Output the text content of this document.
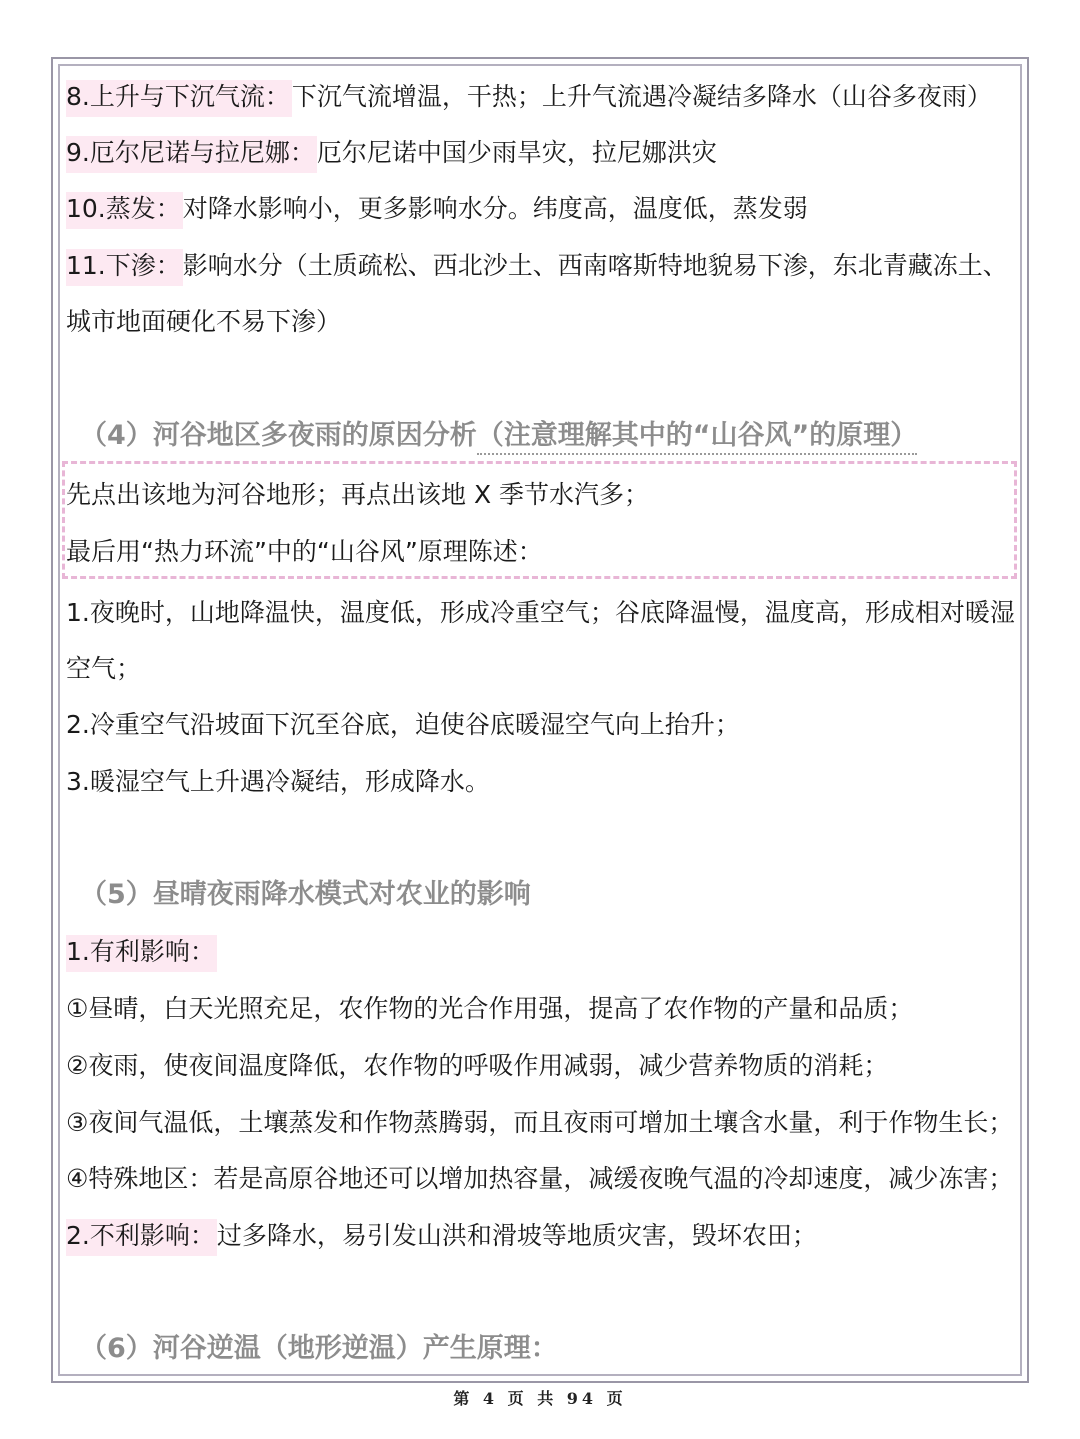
8.上升与下沉气流：下沉气流增温，干热；上升气流遇冷凝结多降水（山谷多夜雨）
9.厄尔尼诺与拉尼娜：厄尔尼诺中国少雨旱灾，拉尼娜洪灾
10.蒸发：对降水影响小，更多影响水分。纬度高，温度低，蒸发弱
11.下渗：影响水分（土质疏松、西北沙土、西南喀斯特地貌易下渗，东北青藏冻土、
城市地面硬化不易下渗）
（4）河谷地区多夜雨的原因分析（注意理解其中的“山谷风”的原理）
先点出该地为河谷地形；再点出该地 X 季节水汽多；
最后用“热力环流”中的“山谷风”原理陈述：
1.夜晚时，山地降温快，温度低，形成冷重空气；谷底降温慢，温度高，形成相对暖湿
空气；
2.冷重空气沿坡面下沉至谷底，迫使谷底暖湿空气向上抬升；
3.暖湿空气上升遇冷凝结，形成降水。
（5）昼晴夜雨降水模式对农业的影响
1.有利影响：
①昼晴，白天光照充足，农作物的光合作用强，提高了农作物的产量和品质；
②夜雨，使夜间温度降低，农作物的呼吸作用减弱，减少营养物质的消耗；
③夜间气温低，土壤蒸发和作物蒸腾弱，而且夜雨可增加土壤含水量，利于作物生长；
④特殊地区：若是高原谷地还可以增加热容量，减缓夜晚气温的冷却速度，减少冻害；
2.不利影响：过多降水，易引发山洪和滑坡等地质灾害，毁坏农田；
（6）河谷逆温（地形逆温）产生原理：
第 4 页 共 94 页
